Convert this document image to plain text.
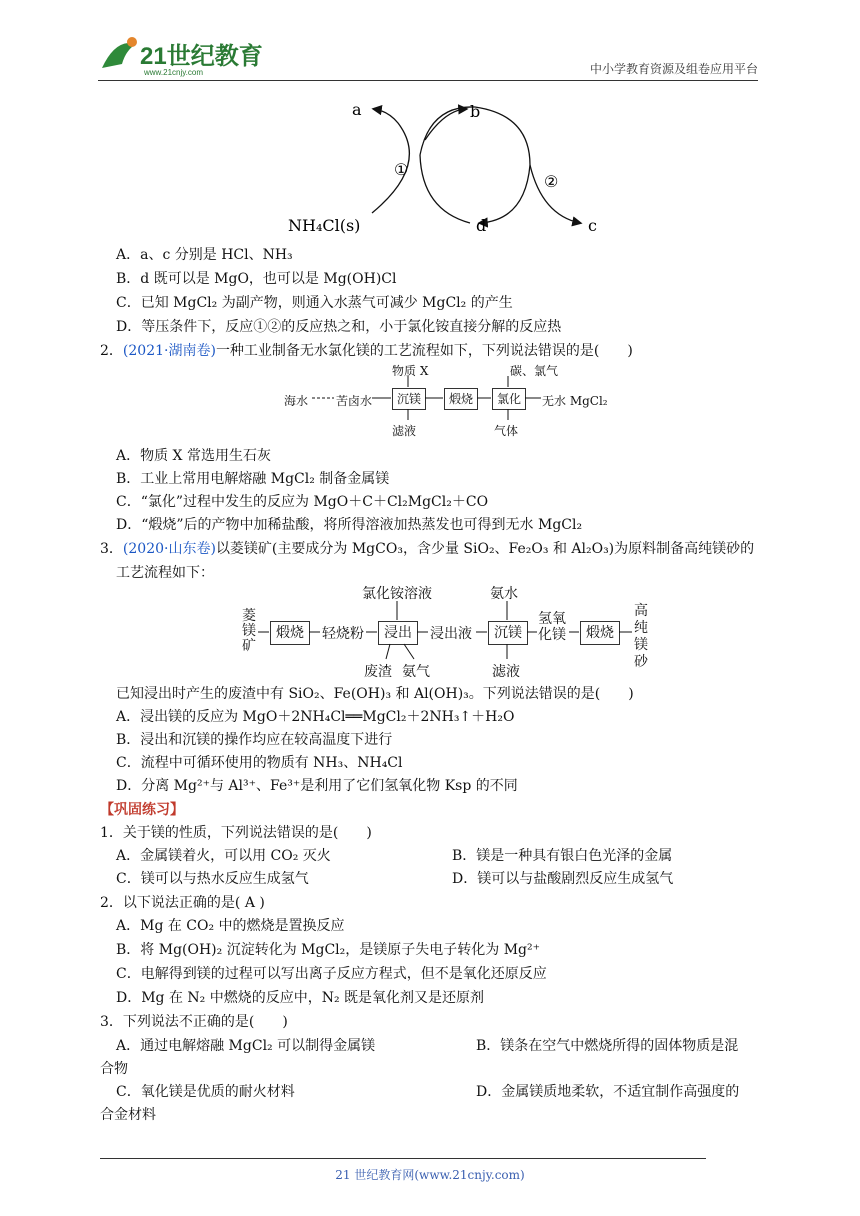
21世纪教育
www.21cnjy.com	中小学教育资源及组卷应用平台
a	b
c
d
NH₄Cl(s)
①
②
A．a、c 分别是 HCl、NH₃
B．d 既可以是 MgO，也可以是 Mg(OH)Cl
C．已知 MgCl₂ 为副产物，则通入水蒸气可减少 MgCl₂ 的产生
D．等压条件下，反应①②的反应热之和，小于氯化铵直接分解的反应热
2．(2021·湖南卷)一种工业制备无水氯化镁的工艺流程如下，下列说法错误的是(　　)
物质 X	碳、氯气
海水 苦卤水	沉镁	煅烧	氯化	无水 MgCl₂
滤液	气体
A．物质 X 常选用生石灰
B．工业上常用电解熔融 MgCl₂ 制备金属镁
C．“氯化”过程中发生的反应为 MgO＋C＋Cl₂MgCl₂＋CO
D．“煅烧”后的产物中加稀盐酸，将所得溶液加热蒸发也可得到无水 MgCl₂
3．(2020·山东卷)以菱镁矿(主要成分为 MgCO₃，含少量 SiO₂、Fe₂O₃ 和 Al₂O₃)为原料制备高纯镁砂的
工艺流程如下：
氯化铵溶液	氨水
菱镁矿
煅烧	轻烧粉	浸出	浸出液	沉镁
氢氧化镁	煅烧
高纯镁砂
废渣 氨气	滤液
已知浸出时产生的废渣中有 SiO₂、Fe(OH)₃ 和 Al(OH)₃。下列说法错误的是(　　)
A．浸出镁的反应为 MgO＋2NH₄Cl══MgCl₂＋2NH₃↑＋H₂O
B．浸出和沉镁的操作均应在较高温度下进行
C．流程中可循环使用的物质有 NH₃、NH₄Cl
D．分离 Mg²⁺与 Al³⁺、Fe³⁺是利用了它们氢氧化物 Ksp 的不同
【巩固练习】
1．关于镁的性质，下列说法错误的是(　　)
A．金属镁着火，可以用 CO₂ 灭火	B．镁是一种具有银白色光泽的金属
C．镁可以与热水反应生成氢气	D．镁可以与盐酸剧烈反应生成氢气
2．以下说法正确的是( A )
A．Mg 在 CO₂ 中的燃烧是置换反应
B．将 Mg(OH)₂ 沉淀转化为 MgCl₂，是镁原子失电子转化为 Mg²⁺
C．电解得到镁的过程可以写出离子反应方程式，但不是氧化还原反应
D．Mg 在 N₂ 中燃烧的反应中，N₂ 既是氧化剂又是还原剂
3．下列说法不正确的是(　　)
A．通过电解熔融 MgCl₂ 可以制得金属镁	B．镁条在空气中燃烧所得的固体物质是混
合物
C．氧化镁是优质的耐火材料	D．金属镁质地柔软，不适宜制作高强度的
合金材料
21 世纪教育网(www.21cnjy.com)
